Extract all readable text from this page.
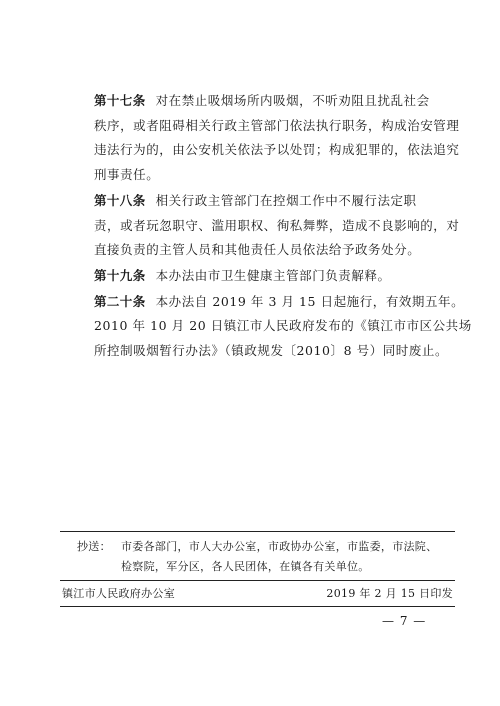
第十七条 对在禁止吸烟场所内吸烟，不听劝阻且扰乱社会
秩序，或者阻碍相关行政主管部门依法执行职务，构成治安管理
违法行为的，由公安机关依法予以处罚；构成犯罪的，依法追究
刑事责任。

第十八条 相关行政主管部门在控烟工作中不履行法定职
责，或者玩忽职守、滥用职权、徇私舞弊，造成不良影响的，对
直接负责的主管人员和其他责任人员依法给予政务处分。

第十九条 本办法由市卫生健康主管部门负责解释。

第二十条 本办法自 2019 年 3 月 15 日起施行，有效期五年。
2010 年 10 月 20 日镇江市人民政府发布的《镇江市市区公共场
所控制吸烟暂行办法》（镇政规发〔2010〕8 号）同时废止。

抄送： 市委各部门，市人大办公室，市政协办公室，市监委，市法院、
检察院，军分区，各人民团体，在镇各有关单位。
镇江市人民政府办公室	2019 年 2 月 15 日印发
— 7 —
